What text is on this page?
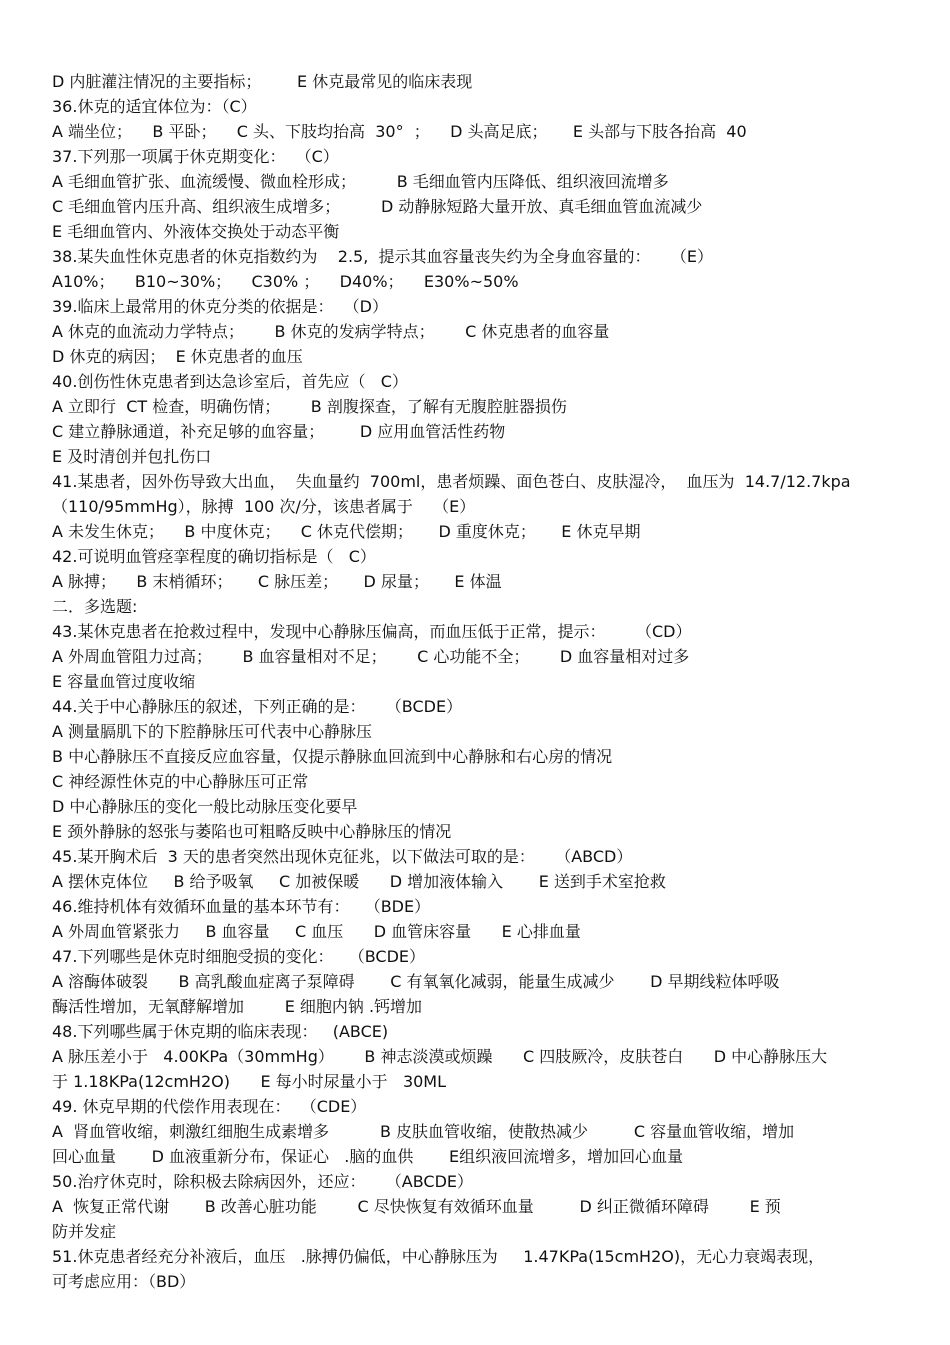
D 内脏灌注情况的主要指标；       E 休克最常见的临床表现
36.休克的适宜体位为：（C）
A 端坐位；    B 平卧；    C 头、下肢均抬高  30°  ；    D 头高足底；     E 头部与下肢各抬高  40
37.下列那一项属于休克期变化：  （C）
A 毛细血管扩张、血流缓慢、微血栓形成；        B 毛细血管内压降低、组织液回流增多
C 毛细血管内压升高、组织液生成增多；        D 动静脉短路大量开放、真毛细血管血流减少
E 毛细血管内、外液体交换处于动态平衡
38.某失血性休克患者的休克指数约为    2.5,  提示其血容量丧失约为全身血容量的：    （E）
A10%；    B10~30%；    C30% ；    D40%；    E30%~50%
39.临床上最常用的休克分类的依据是：  （D）
A 休克的血流动力学特点；      B 休克的发病学特点；      C 休克患者的血容量
D 休克的病因；  E 休克患者的血压
40.创伤性休克患者到达急诊室后，首先应（   C）
A 立即行  CT 检查，明确伤情；      B 剖腹探查，了解有无腹腔脏器损伤
C 建立静脉通道，补充足够的血容量；       D 应用血管活性药物
E 及时清创并包扎伤口
41.某患者，因外伤导致大出血，  失血量约  700ml，患者烦躁、面色苍白、皮肤湿冷，  血压为  14.7/12.7kpa
（110/95mmHg），脉搏  100 次/分，该患者属于    （E）
A 未发生休克；    B 中度休克；    C 休克代偿期；     D 重度休克；     E 休克早期
42.可说明血管痉挛程度的确切指标是（   C）
A 脉搏；    B 末梢循环；     C 脉压差；     D 尿量；     E 体温
二．多选题:
43.某休克患者在抢救过程中，发现中心静脉压偏高，而血压低于正常，提示：      （CD）
A 外周血管阻力过高；      B 血容量相对不足；      C 心功能不全；      D 血容量相对过多
E 容量血管过度收缩
44.关于中心静脉压的叙述，下列正确的是：    （BCDE）
A 测量膈肌下的下腔静脉压可代表中心静脉压
B 中心静脉压不直接反应血容量，仅提示静脉血回流到中心静脉和右心房的情况
C 神经源性休克的中心静脉压可正常
D 中心静脉压的变化一般比动脉压变化要早
E 颈外静脉的怒张与萎陷也可粗略反映中心静脉压的情况
45.某开胸术后  3 天的患者突然出现休克征兆，以下做法可取的是：    （ABCD）
A 摆休克体位     B 给予吸氧     C 加被保暖      D 增加液体输入       E 送到手术室抢救
46.维持机体有效循环血量的基本环节有：   （BDE）
A 外周血管紧张力     B 血容量     C 血压      D 血管床容量      E 心排血量
47.下列哪些是休克时细胞受损的变化：   （BCDE）
A 溶酶体破裂      B 高乳酸血症离子泵障碍       C 有氧氧化减弱，能量生成减少       D 早期线粒体呼吸
酶活性增加，无氧酵解增加        E 细胞内钠 .钙增加
48.下列哪些属于休克期的临床表现：   (ABCE)
A 脉压差小于   4.00KPa（30mmHg）      B 神志淡漠或烦躁      C 四肢厥冷，皮肤苍白      D 中心静脉压大
于 1.18KPa(12cmH2O)      E 每小时尿量小于   30ML
49. 休克早期的代偿作用表现在：  （CDE）
A  肾血管收缩，刺激红细胞生成素增多          B 皮肤血管收缩，使散热减少         C 容量血管收缩，增加
回心血量       D 血液重新分布，保证心   .脑的血供       E组织液回流增多，增加回心血量
50.治疗休克时，除积极去除病因外，还应：    （ABCDE）
A  恢复正常代谢       B 改善心脏功能        C 尽快恢复有效循环血量         D 纠正微循环障碍        E 预
防并发症
51.休克患者经充分补液后，血压   .脉搏仍偏低，中心静脉压为     1.47KPa(15cmH2O)，无心力衰竭表现，
可考虑应用：（BD）
